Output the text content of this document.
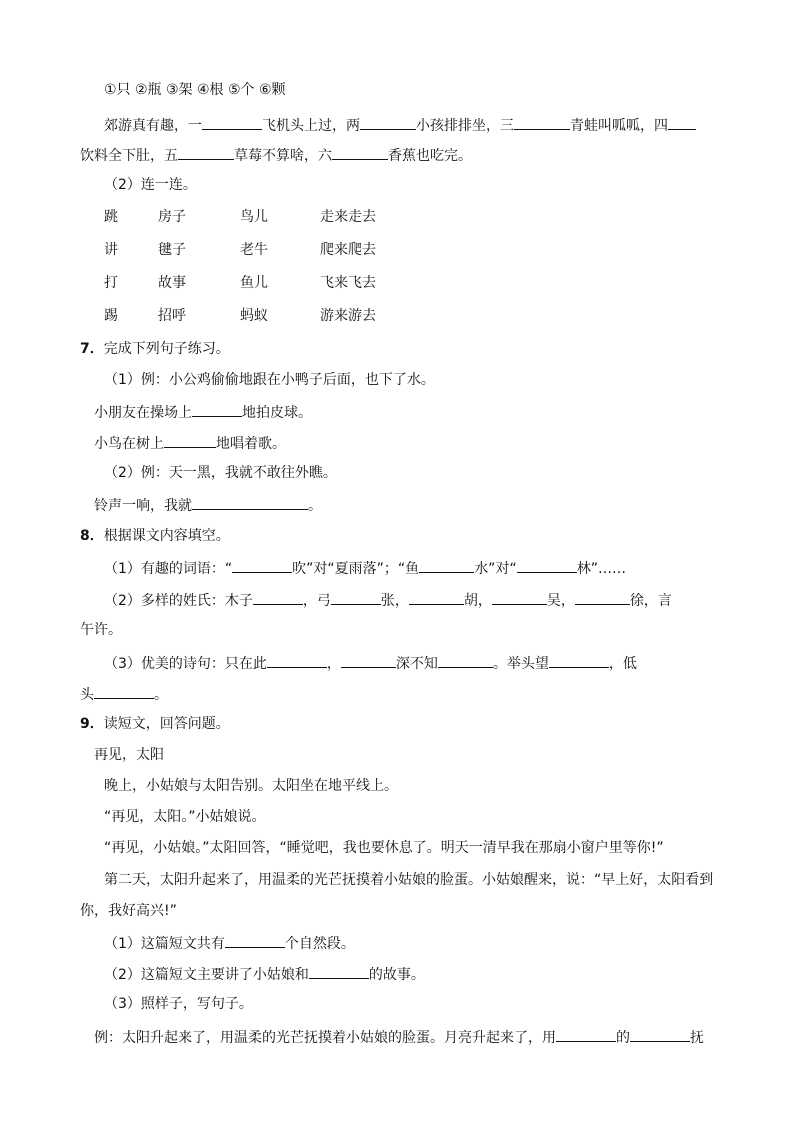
①只 ②瓶 ③架 ④根 ⑤个 ⑥颗
郊游真有趣，一	飞机头上过，两	小孩排排坐，三	青蛙叫呱呱，四
饮料全下肚，五	草莓不算啥，六	香蕉也吃完。
（2）连一连。
跳	房子	鸟儿	走来走去
讲	毽子	老牛	爬来爬去
打	故事	鱼儿	飞来飞去
踢	招呼	蚂蚁	游来游去
7．完成下列句子练习。
（1）例：小公鸡偷偷地跟在小鸭子后面，也下了水。
小朋友在操场上	地拍皮球。
小鸟在树上	地唱着歌。
（2）例：天一黑，我就不敢往外瞧。
铃声一响，我就	。
8．根据课文内容填空。
（1）有趣的词语：“	吹”对“夏雨落”；“鱼	水”对“	林”……
（2）多样的姓氏：木子	，弓	张，	胡，	吴，	徐，言
午许。
（3）优美的诗句：只在此	，	深不知	。举头望	，低
头	。
9．读短文，回答问题。
再见，太阳
晚上，小姑娘与太阳告别。太阳坐在地平线上。
“再见，太阳。”小姑娘说。
“再见，小姑娘。”太阳回答，“睡觉吧，我也要休息了。明天一清早我在那扇小窗户里等你!”
第二天，太阳升起来了，用温柔的光芒抚摸着小姑娘的脸蛋。小姑娘醒来，说：“早上好，太阳看到
你，我好高兴!”
（1）这篇短文共有	个自然段。
（2）这篇短文主要讲了小姑娘和	的故事。
（3）照样子，写句子。
例：太阳升起来了，用温柔的光芒抚摸着小姑娘的脸蛋。月亮升起来了，用	的	抚
